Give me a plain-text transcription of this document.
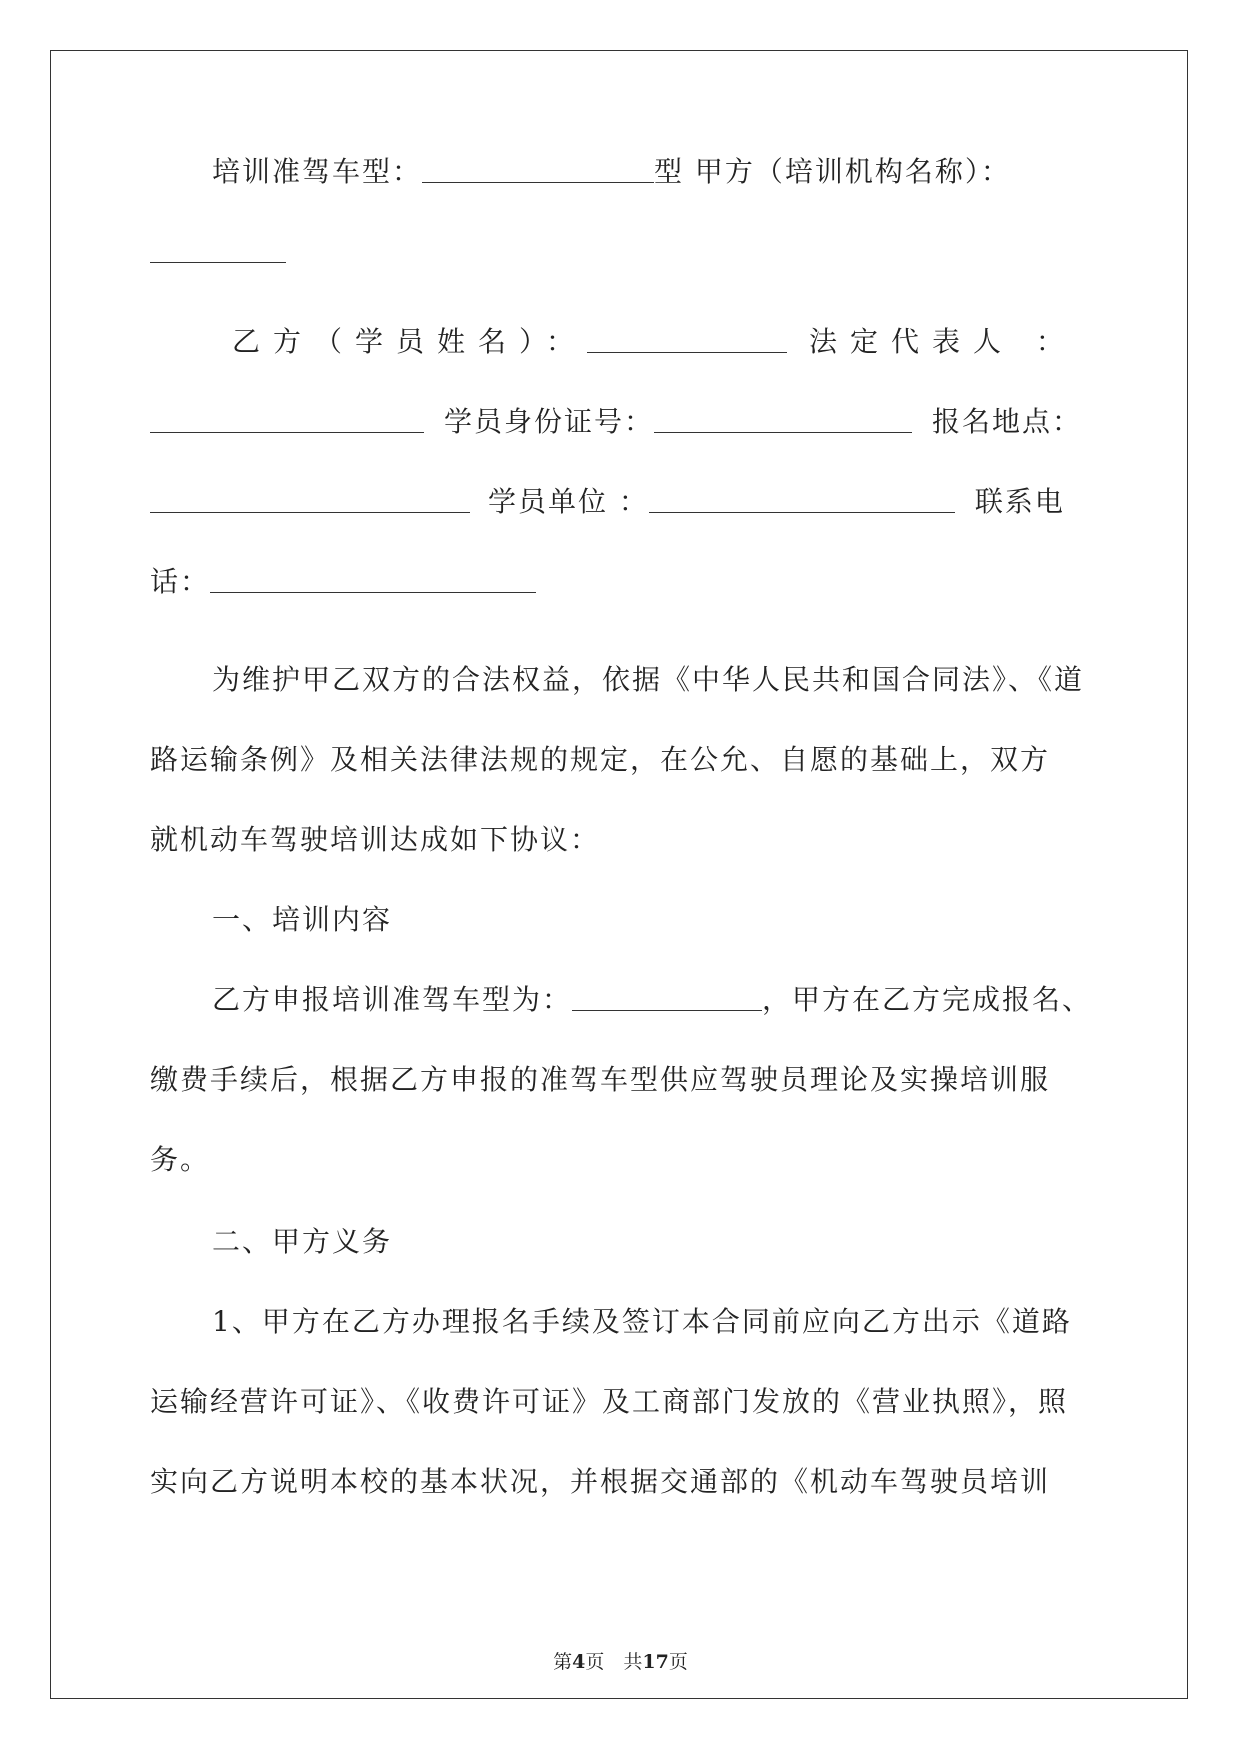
培训准驾车型：	型 甲方（培训机构名称）：
乙方（学员姓名）：	法定代表人 ：
学员身份证号：	报名地点：
学员单位 ：	联系电
话：
为维护甲乙双方的合法权益，依据《中华人民共和国合同法》、《道
路运输条例》及相关法律法规的规定，在公允、自愿的基础上，双方
就机动车驾驶培训达成如下协议：
一、培训内容
乙方申报培训准驾车型为：	，甲方在乙方完成报名、
缴费手续后，根据乙方申报的准驾车型供应驾驶员理论及实操培训服
务。
二、甲方义务
1、甲方在乙方办理报名手续及签订本合同前应向乙方出示《道路
运输经营许可证》、《收费许可证》及工商部门发放的《营业执照》，照
实向乙方说明本校的基本状况，并根据交通部的《机动车驾驶员培训
第4页　共17页
